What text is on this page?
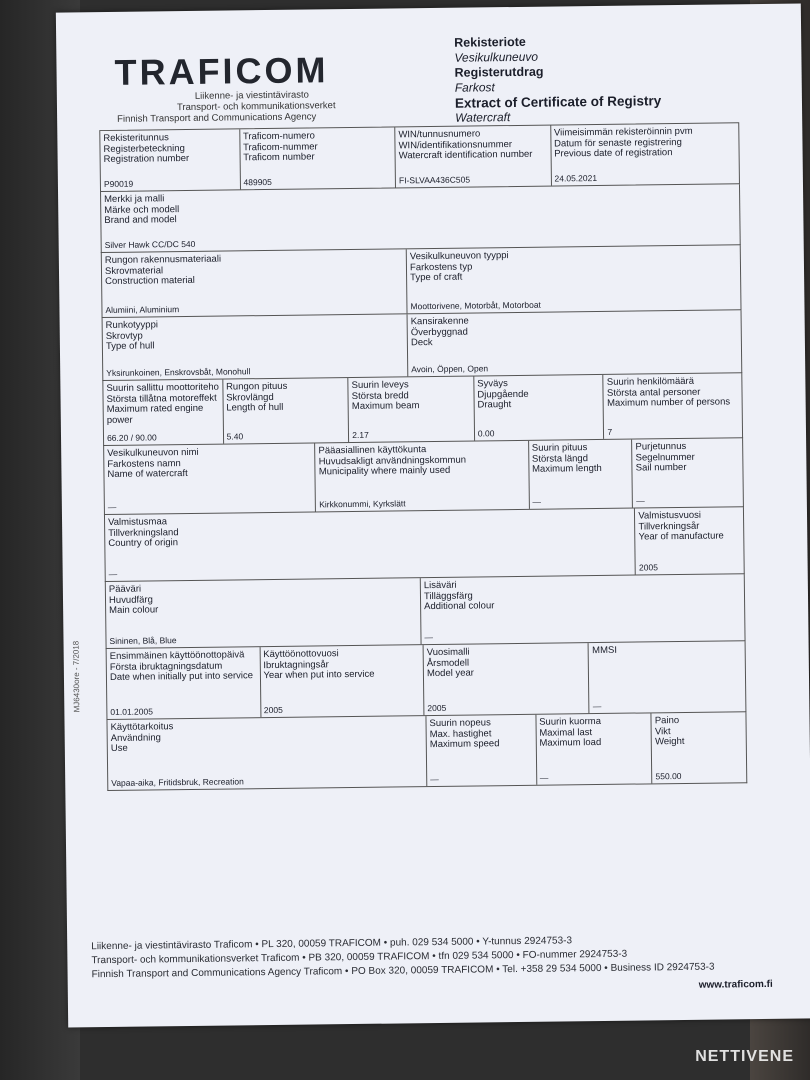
TRAFICOM
Liikenne- ja viestintävirasto
Transport- och kommunikationsverket
Finnish Transport and Communications Agency
Rekisteriote
Vesikulkuneuvo
Registerutdrag
Farkost
Extract of Certificate of Registry
Watercraft
Rekisteritunnus
Registerbeteckning
Registration number
P90019
Traficom-numero
Traficom-nummer
Traficom number
489905
WIN/tunnusnumero
WIN/identifikationsnummer
Watercraft identification number
FI-SLVAA436C505
Viimeisimmän rekisteröinnin pvm
Datum för senaste registrering
Previous date of registration
24.05.2021
Merkki ja malli
Märke och modell
Brand and model
Silver Hawk CC/DC 540
Rungon rakennusmateriaali
Skrovmaterial
Construction material
Alumiini, Aluminium
Vesikulkuneuvon tyyppi
Farkostens typ
Type of craft
Moottorivene, Motorbåt, Motorboat
Runkotyyppi
Skrovtyp
Type of hull
Yksirunkoinen, Enskrovsbåt, Monohull
Kansirakenne
Överbyggnad
Deck
Avoin, Öppen, Open
Suurin sallittu moottoriteho
Största tillåtna motoreffekt
Maximum rated engine
power
66.20 / 90.00
Rungon pituus
Skrovlängd
Length of hull
5.40
Suurin leveys
Största bredd
Maximum beam
2.17
Syväys
Djupgående
Draught
0.00
Suurin henkilömäärä
Största antal personer
Maximum number of persons
7
Vesikulkuneuvon nimi
Farkostens namn
Name of watercraft
—
Pääasiallinen käyttökunta
Huvudsakligt användningskommun
Municipality where mainly used
Kirkkonummi, Kyrkslätt
Suurin pituus
Största längd
Maximum length
—
Purjetunnus
Segelnummer
Sail number
—
Valmistusmaa
Tillverkningsland
Country of origin
—
Valmistusvuosi
Tillverkningsår
Year of manufacture
2005
Pääväri
Huvudfärg
Main colour
Sininen, Blå, Blue
Lisäväri
Tilläggsfärg
Additional colour
—
Ensimmäinen käyttöönottopäivä
Första ibruktagningsdatum
Date when initially put into service
01.01.2005
Käyttöönottovuosi
Ibruktagningsår
Year when put into service
2005
Vuosimalli
Årsmodell
Model year
2005
MMSI
—
Käyttötarkoitus
Användning
Use
Vapaa-aika, Fritidsbruk, Recreation
Suurin nopeus
Max. hastighet
Maximum speed
—
Suurin kuorma
Maximal last
Maximum load
—
Paino
Vikt
Weight
550.00
MJ6430ore - 7/2018
Liikenne- ja viestintävirasto Traficom • PL 320, 00059 TRAFICOM • puh. 029 534 5000 • Y-tunnus 2924753-3
Transport- och kommunikationsverket Traficom • PB 320, 00059 TRAFICOM • tfn 029 534 5000 • FO-nummer 2924753-3
Finnish Transport and Communications Agency Traficom • PO Box 320, 00059 TRAFICOM • Tel. +358 29 534 5000 • Business ID 2924753-3
www.traficom.fi
NETTIVENE
